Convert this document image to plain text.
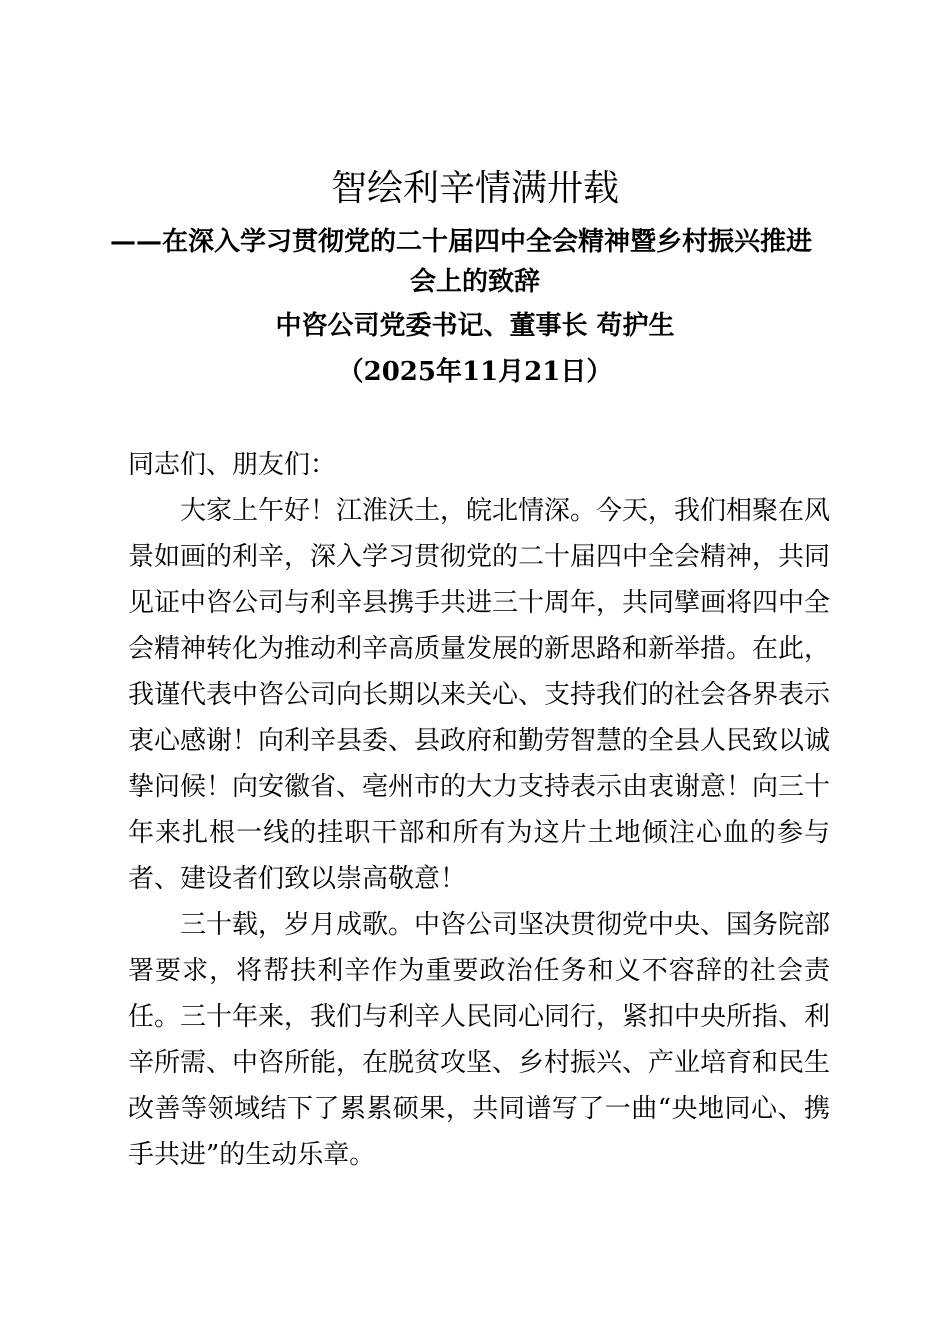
智绘利辛情满卅载
——在深入学习贯彻党的二十届四中全会精神暨乡村振兴推进
会上的致辞
中咨公司党委书记、董事长 苟护生
（2025年11月21日）

同志们、朋友们：

大家上午好！江淮沃土，皖北情深。今天，我们相聚在风景如画的利辛，深入学习贯彻党的二十届四中全会精神，共同见证中咨公司与利辛县携手共进三十周年，共同擘画将四中全会精神转化为推动利辛高质量发展的新思路和新举措。在此，我谨代表中咨公司向长期以来关心、支持我们的社会各界表示衷心感谢！向利辛县委、县政府和勤劳智慧的全县人民致以诚挚问候！向安徽省、亳州市的大力支持表示由衷谢意！向三十年来扎根一线的挂职干部和所有为这片土地倾注心血的参与者、建设者们致以崇高敬意！

三十载，岁月成歌。中咨公司坚决贯彻党中央、国务院部署要求，将帮扶利辛作为重要政治任务和义不容辞的社会责任。三十年来，我们与利辛人民同心同行，紧扣中央所指、利辛所需、中咨所能，在脱贫攻坚、乡村振兴、产业培育和民生改善等领域结下了累累硕果，共同谱写了一曲“央地同心、携手共进”的生动乐章。
